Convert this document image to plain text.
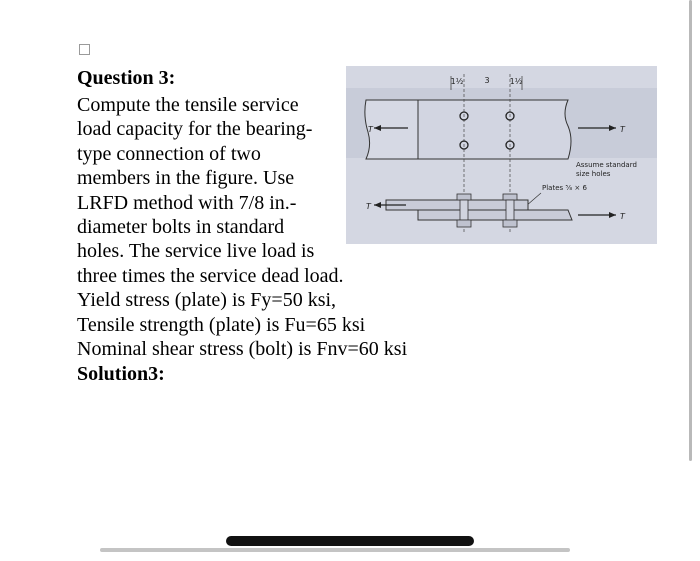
Question 3:
Compute the tensile service
load capacity for the bearing-
type connection of two
members in the figure. Use
LRFD method with 7/8 in.-
diameter bolts in standard
holes. The service live load is
three times the service dead load.
Yield stress (plate) is Fy=50 ksi,
Tensile strength (plate) is Fu=65 ksi
Nominal shear stress (bolt) is Fnv=60 ksi
Solution3:
1½	3	1½
T	T
Assume standard
size holes
Plates ⅝ × 6
T
T
